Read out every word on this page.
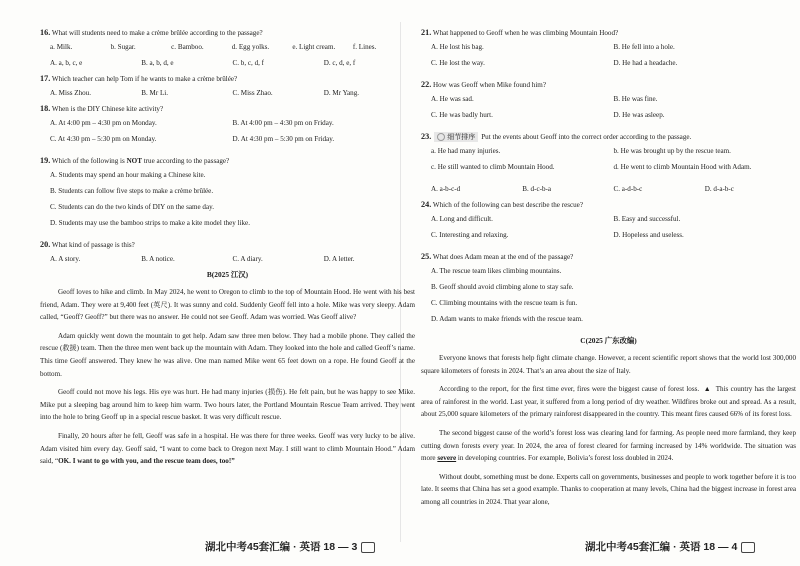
16. What will students need to make a crème brûlée according to the passage?
a. Milk.	b. Sugar.	c. Bamboo.	d. Egg yolks.	e. Light cream.	f. Lines.
A. a, b, c, e	B. a, b, d, e	C. b, c, d, f	D. c, d, e, f
17. Which teacher can help Tom if he wants to make a crème brûlée?
A. Miss Zhou.	B. Mr Li.	C. Miss Zhao.	D. Mr Yang.
18. When is the DIY Chinese kite activity?
A. At 4:00 pm – 4:30 pm on Monday.	B. At 4:00 pm – 4:30 pm on Friday.
C. At 4:30 pm – 5:30 pm on Monday.	D. At 4:30 pm – 5:30 pm on Friday.
19. Which of the following is NOT true according to the passage?
A. Students may spend an hour making a Chinese kite.
B. Students can follow five steps to make a crème brûlée.
C. Students can do the two kinds of DIY on the same day.
D. Students may use the bamboo strips to make a kite model they like.
20. What kind of passage is this?
A. A story.	B. A notice.	C. A diary.	D. A letter.
B(2025 江汉)

Geoff loves to hike and climb. In May 2024, he went to Oregon to climb to the top of Mountain Hood. He went with his best friend, Adam. They were at 9,400 feet (英尺). It was sunny and cold. Suddenly Geoff fell into a hole. Mike was very sleepy. Adam called, “Geoff? Geoff?” but there was no answer. He could not see Geoff. Adam was worried. Was Geoff alive?

Adam quickly went down the mountain to get help. Adam saw three men below. They had a mobile phone. They called the rescue (救援) team. Then the three men went back up the mountain with Adam. They looked into the hole and called Geoff’s name. This time Geoff answered. They knew he was alive. One man named Mike went 65 feet down on a rope. He found Geoff at the bottom.

Geoff could not move his legs. His eye was hurt. He had many injuries (损伤). He felt pain, but he was happy to see Mike. Mike put a sleeping bag around him to keep him warm. Two hours later, the Portland Mountain Rescue Team arrived. They went into the hole to bring Geoff up in a special rescue basket. It was very difficult rescue.

Finally, 20 hours after he fell, Geoff was safe in a hospital. He was there for three weeks. Geoff was very lucky to be alive. Adam visited him every day. Geoff said, “I want to come back to Oregon next May. I still want to climb Mountain Hood.” Adam said, “OK. I want to go with you, and the rescue team does, too!”

21. What happened to Geoff when he was climbing Mountain Hood?
A. He lost his bag.	B. He fell into a hole.
C. He lost the way.	D. He had a headache.
22. How was Geoff when Mike found him?
A. He was sad.	B. He was fine.
C. He was badly hurt.	D. He was asleep.
23. 细节排序 Put the events about Geoff into the correct order according to the passage.
a. He had many injuries.	b. He was brought up by the rescue team.
c. He still wanted to climb Mountain Hood.	d. He went to climb Mountain Hood with Adam.
A. a-b-c-d	B. d-c-b-a	C. a-d-b-c	D. d-a-b-c
24. Which of the following can best describe the rescue?
A. Long and difficult.	B. Easy and successful.
C. Interesting and relaxing.	D. Hopeless and useless.
25. What does Adam mean at the end of the passage?
A. The rescue team likes climbing mountains.
B. Geoff should avoid climbing alone to stay safe.
C. Climbing mountains with the rescue team is fun.
D. Adam wants to make friends with the rescue team.
C(2025 广东改编)

Everyone knows that forests help fight climate change. However, a recent scientific report shows that the world lost 300,000 square kilometers of forests in 2024. That’s an area about the size of Italy.

According to the report, for the first time ever, fires were the biggest cause of forest loss. ▲ This country has the largest area of rainforest in the world. Last year, it suffered from a long period of dry weather. Wildfires broke out and spread. As a result, about 25,000 square kilometers of the primary rainforest disappeared in the country. This meant fires caused 66% of its forest loss.

The second biggest cause of the world’s forest loss was clearing land for farming. As people need more farmland, they keep cutting down forests every year. In 2024, the area of forest cleared for farming increased by 14% worldwide. The situation was more severe in developing countries. For example, Bolivia’s forest loss doubled in 2024.

Without doubt, something must be done. Experts call on governments, businesses and people to work together before it is too late. It seems that China has set a good example. Thanks to cooperation at many levels, China had the biggest increase in forest area among all countries in 2024. That year alone,

湖北中考45套汇编 · 英语 18 — 3	湖北中考45套汇编 · 英语 18 — 4
